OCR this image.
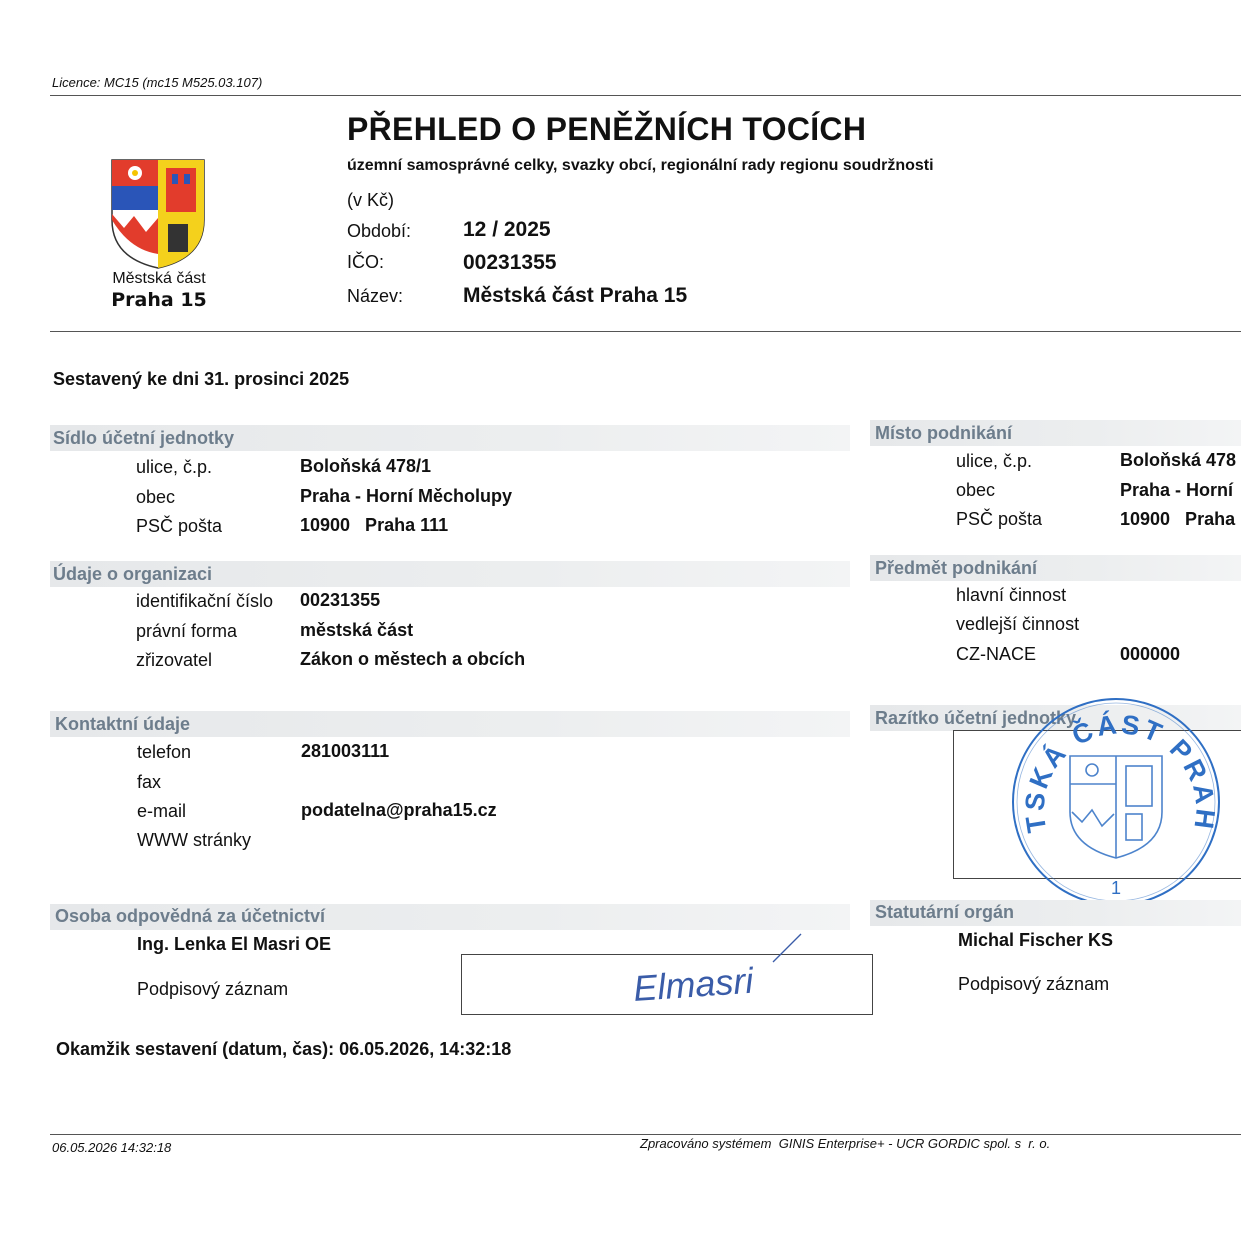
Licence: MC15 (mc15 M525.03.107)
Městská část
Praha 15
PŘEHLED O PENĚŽNÍCH TOCÍCH
územní samosprávné celky, svazky obcí, regionální rady regionu soudržnosti
(v Kč)
Období: 12 / 2025
IČO:	00231355
Název:	Městská část Praha 15
Sestavený ke dni 31. prosinci 2025
Sídlo účetní jednotky
ulice, č.p.	Boloňská 478/1
obec	Praha - Horní Měcholupy
PSČ pošta	10900   Praha 111
Místo podnikání
ulice, č.p.	Boloňská 478
obec	Praha - Horní
PSČ pošta	10900   Praha
Údaje o organizaci
identifikační číslo 00231355
právní forma	městská část
zřizovatel	Zákon o městech a obcích
Předmět podnikání
hlavní činnost
vedlejší činnost
CZ-NACE	000000
Kontaktní údaje
telefon	281003111
fax
e-mail	podatelna@praha15.cz
WWW stránky
Razítko účetní jednotky
TSKÁ ČÁST PRAH
1
Osoba odpovědná za účetnictví
Ing. Lenka El Masri OE
Podpisový záznam	Elmasri
Statutární orgán
Michal Fischer KS
Podpisový záznam
Okamžik sestavení (datum, čas): 06.05.2026, 14:32:18
06.05.2026 14:32:18	Zpracováno systémem  GINIS Enterprise+ - UCR GORDIC spol. s  r. o.
